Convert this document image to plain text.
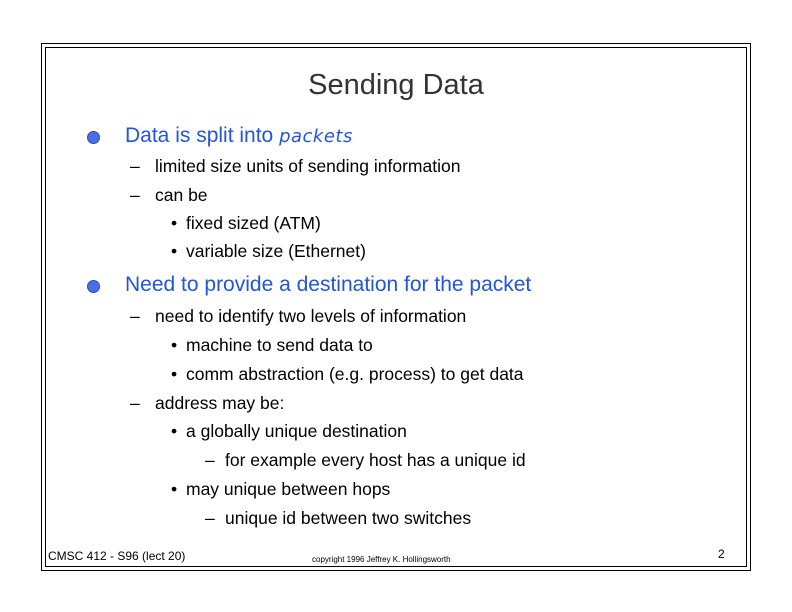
Sending Data
Data is split into packets
– limited size units of sending information
– can be
• fixed sized (ATM)
• variable size (Ethernet)
Need to provide a destination for the packet
– need to identify two levels of information
• machine to send data to
• comm abstraction (e.g. process) to get data
– address may be:
• a globally unique destination
– for example every host has a unique id
• may unique between hops
– unique id between two switches
CMSC 412 - S96 (lect 20)	copyright 1996 Jeffrey K. Hollingsworth	2
